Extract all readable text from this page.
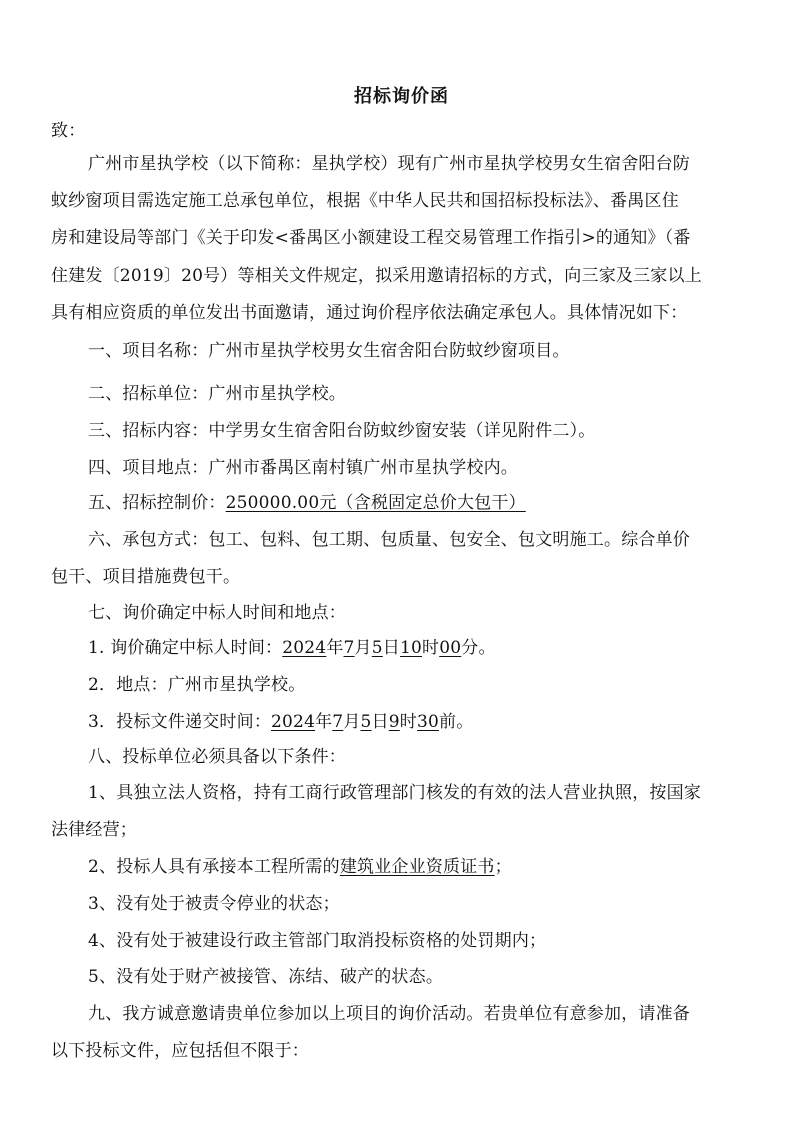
招标询价函
致：
广州市星执学校（以下简称：星执学校）现有广州市星执学校男女生宿舍阳台防
蚊纱窗项目需选定施工总承包单位，根据《中华人民共和国招标投标法》、番禺区住
房和建设局等部门《关于印发<番禺区小额建设工程交易管理工作指引>的通知》（番
住建发〔2019〕20号）等相关文件规定，拟采用邀请招标的方式，向三家及三家以上
具有相应资质的单位发出书面邀请，通过询价程序依法确定承包人。具体情况如下：
一、项目名称：广州市星执学校男女生宿舍阳台防蚊纱窗项目。
二、招标单位：广州市星执学校。
三、招标内容：中学男女生宿舍阳台防蚊纱窗安装（详见附件二）。
四、项目地点：广州市番禺区南村镇广州市星执学校内。
五、招标控制价：250000.00元（含税固定总价大包干）
六、承包方式：包工、包料、包工期、包质量、包安全、包文明施工。综合单价
包干、项目措施费包干。
七、询价确定中标人时间和地点：
1. 询价确定中标人时间：2024年7月5日10时00分。
2．地点：广州市星执学校。
3．投标文件递交时间：2024年7月5日9时30前。
八、投标单位必须具备以下条件：
1、具独立法人资格，持有工商行政管理部门核发的有效的法人营业执照，按国家
法律经营；
2、投标人具有承接本工程所需的建筑业企业资质证书；
3、没有处于被责令停业的状态；
4、没有处于被建设行政主管部门取消投标资格的处罚期内；
5、没有处于财产被接管、冻结、破产的状态。
九、我方诚意邀请贵单位参加以上项目的询价活动。若贵单位有意参加，请准备
以下投标文件，应包括但不限于：
